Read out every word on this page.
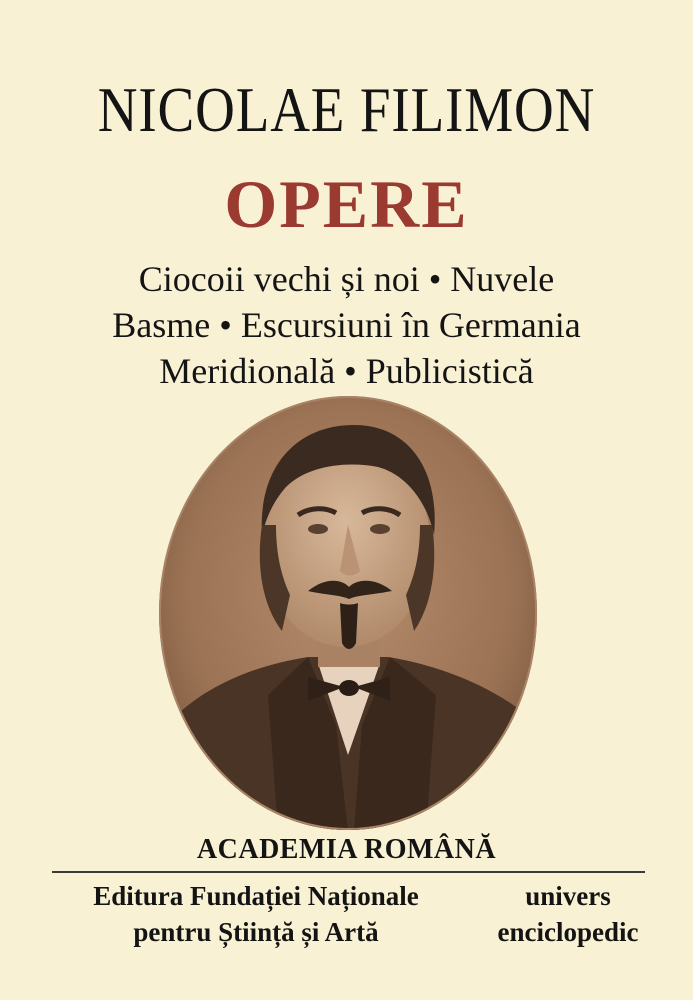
NICOLAE FILIMON
OPERE
Ciocoii vechi și noi • Nuvele
Basme • Escursiuni în Germania
Meridională • Publicistică
ACADEMIA ROMÂNĂ
Editura Fundației Naționale
pentru Știință și Artă
univers
enciclopedic
